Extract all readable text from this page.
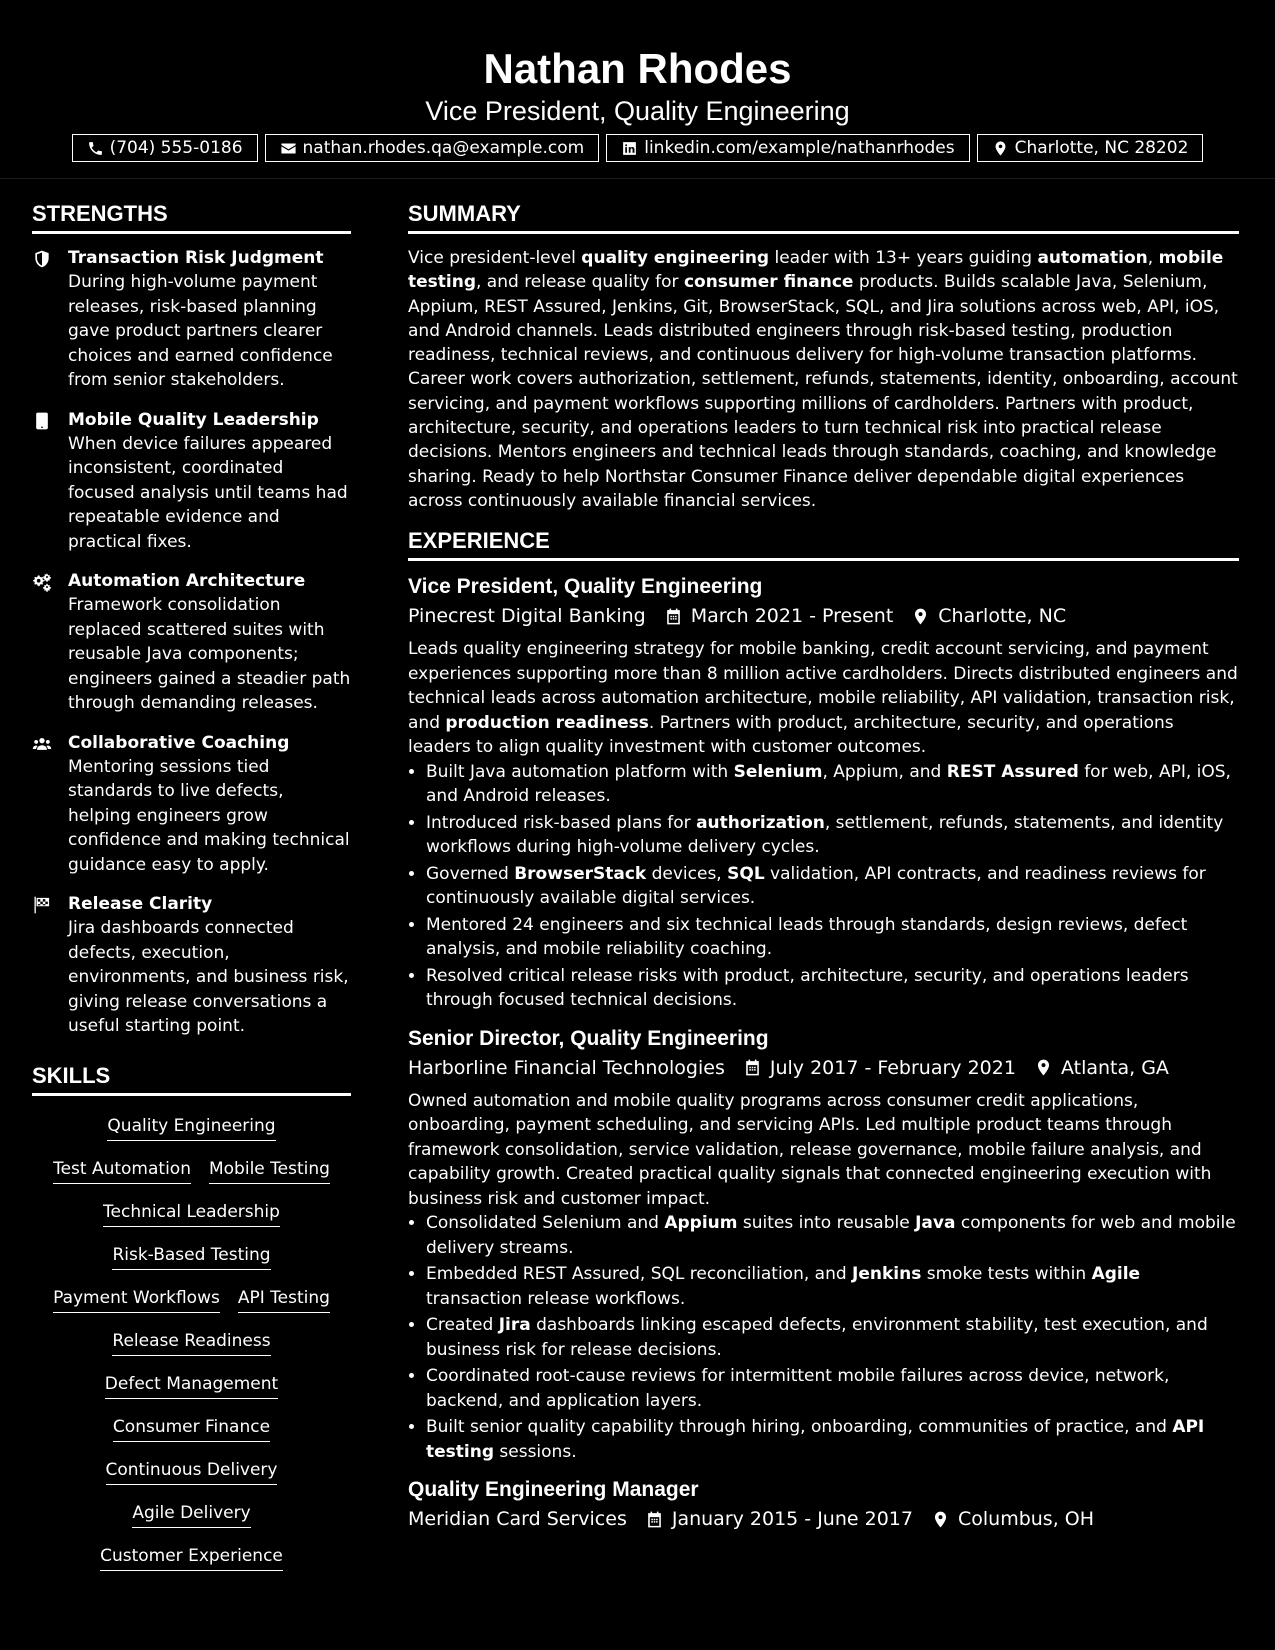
Nathan Rhodes
Vice President, Quality Engineering
(704) 555-0186	nathan.rhodes.qa@example.com	linkedin.com/example/nathanrhodes	Charlotte, NC 28202
STRENGTHS
Transaction Risk Judgment
During high-volume payment releases, risk-based planning gave product partners clearer choices and earned confidence from senior stakeholders.
Mobile Quality Leadership
When device failures appeared inconsistent, coordinated focused analysis until teams had repeatable evidence and practical fixes.
Automation Architecture
Framework consolidation replaced scattered suites with reusable Java components; engineers gained a steadier path through demanding releases.
Collaborative Coaching
Mentoring sessions tied standards to live defects, helping engineers grow confidence and making technical guidance easy to apply.
Release Clarity
Jira dashboards connected defects, execution, environments, and business risk, giving release conversations a useful starting point.
SKILLS
Quality Engineering
Test Automation Mobile Testing
Technical Leadership
Risk-Based Testing
Payment Workflows API Testing
Release Readiness
Defect Management
Consumer Finance
Continuous Delivery
Agile Delivery
Customer Experience
SUMMARY
Vice president-level quality engineering leader with 13+ years guiding automation, mobile testing, and release quality for consumer finance products. Builds scalable Java, Selenium, Appium, REST Assured, Jenkins, Git, BrowserStack, SQL, and Jira solutions across web, API, iOS, and Android channels. Leads distributed engineers through risk-based testing, production readiness, technical reviews, and continuous delivery for high-volume transaction platforms. Career work covers authorization, settlement, refunds, statements, identity, onboarding, account servicing, and payment workflows supporting millions of cardholders. Partners with product, architecture, security, and operations leaders to turn technical risk into practical release decisions. Mentors engineers and technical leads through standards, coaching, and knowledge sharing. Ready to help Northstar Consumer Finance deliver dependable digital experiences across continuously available financial services.
EXPERIENCE
Vice President, Quality Engineering
Pinecrest Digital Banking March 2021 - Present Charlotte, NC
Leads quality engineering strategy for mobile banking, credit account servicing, and payment experiences supporting more than 8 million active cardholders. Directs distributed engineers and technical leads across automation architecture, mobile reliability, API validation, transaction risk, and production readiness. Partners with product, architecture, security, and operations leaders to align quality investment with customer outcomes.
• Built Java automation platform with Selenium, Appium, and REST Assured for web, API, iOS, and Android releases.
• Introduced risk-based plans for authorization, settlement, refunds, statements, and identity workflows during high-volume delivery cycles.
• Governed BrowserStack devices, SQL validation, API contracts, and readiness reviews for continuously available digital services.
• Mentored 24 engineers and six technical leads through standards, design reviews, defect analysis, and mobile reliability coaching.
• Resolved critical release risks with product, architecture, security, and operations leaders through focused technical decisions.
Senior Director, Quality Engineering
Harborline Financial Technologies July 2017 - February 2021 Atlanta, GA
Owned automation and mobile quality programs across consumer credit applications, onboarding, payment scheduling, and servicing APIs. Led multiple product teams through framework consolidation, service validation, release governance, mobile failure analysis, and capability growth. Created practical quality signals that connected engineering execution with business risk and customer impact.
• Consolidated Selenium and Appium suites into reusable Java components for web and mobile delivery streams.
• Embedded REST Assured, SQL reconciliation, and Jenkins smoke tests within Agile transaction release workflows.
• Created Jira dashboards linking escaped defects, environment stability, test execution, and business risk for release decisions.
• Coordinated root-cause reviews for intermittent mobile failures across device, network, backend, and application layers.
• Built senior quality capability through hiring, onboarding, communities of practice, and API testing sessions.
Quality Engineering Manager
Meridian Card Services January 2015 - June 2017 Columbus, OH
